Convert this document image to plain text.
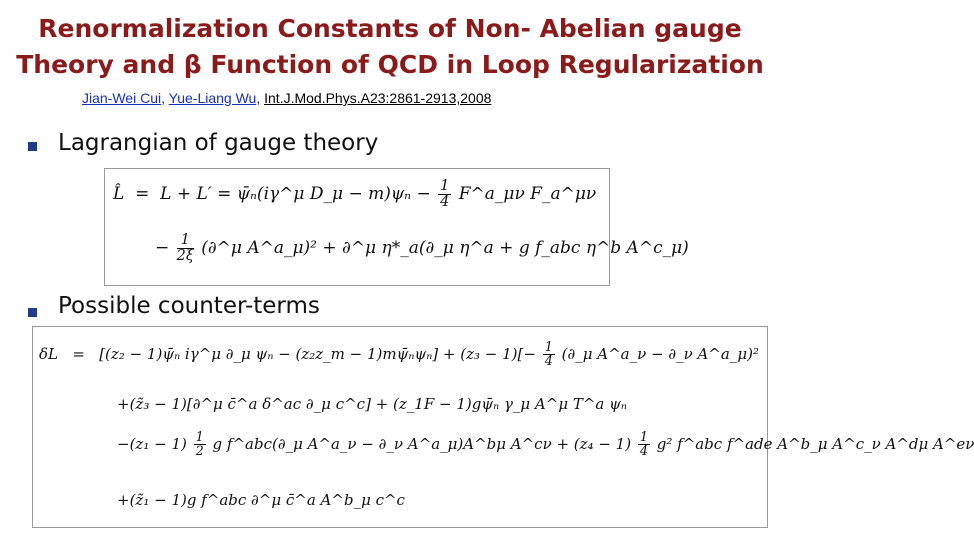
Renormalization Constants of Non- Abelian gauge
Theory and β Function of QCD in Loop Regularization
Jian-Wei Cui, Yue-Liang Wu, Int.J.Mod.Phys.A23:2861-2913,2008
Lagrangian of gauge theory
L̂  =  L + L′ = ψ̄ₙ(iγ^μ D_μ − $m)\psi_n - \frac{1}{4}$ F^a_μν F_a^μν
− $\frac{1}{2\xi}$ (∂^μ A^a_μ)² + ∂^μ η*_a(∂_μ η^a + g f_abc η^b A^c_μ)
Possible counter-terms
δL   =   [(z₂ − 1)ψ̄ₙ iγ^μ ∂_μ ψₙ − (z₂z_m − 1)mψ̄ₙψₙ] + $(z_3 - 1)[- \frac{1}{4}$ (∂_μ A^a_ν − ∂_ν A^a_μ)²
+(z̃₃ − 1)[∂^μ c̄^a δ^ac ∂_μ c^c] + (z_1F − 1)gψ̄ₙ γ_μ A^μ T^a ψₙ
$-(z_1 - 1) \frac{1}{2}$ g f^abc(∂_μ A^a_ν − ∂_ν A^a_μ)A^bμ A^cν + $(z_4 - 1) \frac{1}{4} g^2$ f^abc f^ade A^b_μ A^c_ν A^dμ A^eν
+(z̃₁ − 1)g f^abc ∂^μ c̄^a A^b_μ c^c
